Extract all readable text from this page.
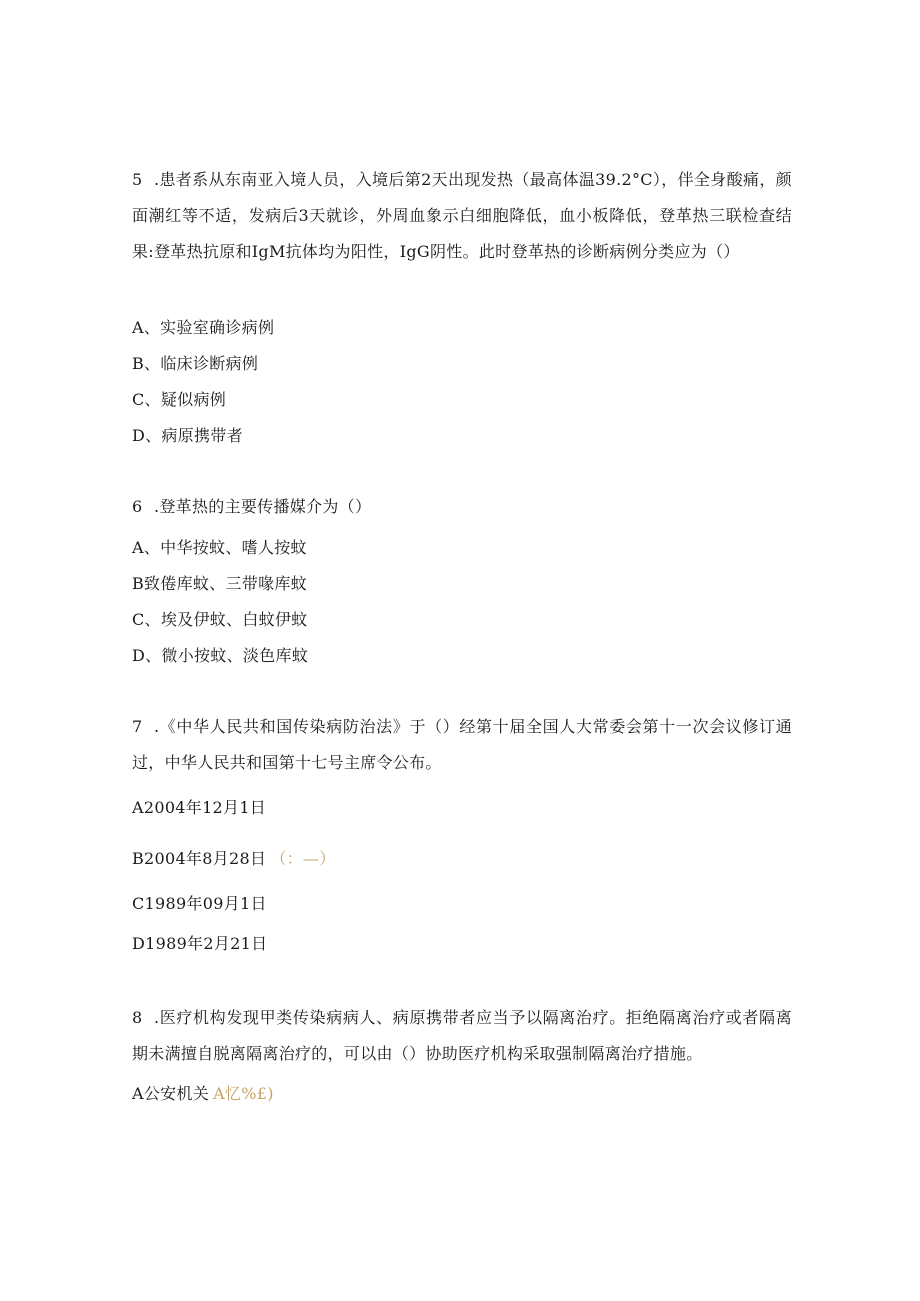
5 .患者系从东南亚入境人员，入境后第2天出现发热（最高体温39.2°C），伴全身酸痛，颜面潮红等不适，发病后3天就诊，外周血象示白细胞降低，血小板降低，登革热三联检查结果:登革热抗原和IgM抗体均为阳性，IgG阴性。此时登革热的诊断病例分类应为（）

A、实验室确诊病例
B、临床诊断病例
C、疑似病例
D、病原携带者

6 .登革热的主要传播媒介为（）

A、中华按蚊、嗜人按蚊
B致倦库蚊、三带喙库蚊
C、埃及伊蚊、白蚊伊蚊
D、微小按蚊、淡色库蚊

7 .《中华人民共和国传染病防治法》于（）经第十届全国人大常委会第十一次会议修订通过，中华人民共和国第十七号主席令公布。

A2004年12月1日
B2004年8月28日 （：—）
C1989年09月1日
D1989年2月21日

8 .医疗机构发现甲类传染病病人、病原携带者应当予以隔离治疗。拒绝隔离治疗或者隔离期未满擅自脱离隔离治疗的，可以由（）协助医疗机构采取强制隔离治疗措施。

A公安机关 A忆%£)
